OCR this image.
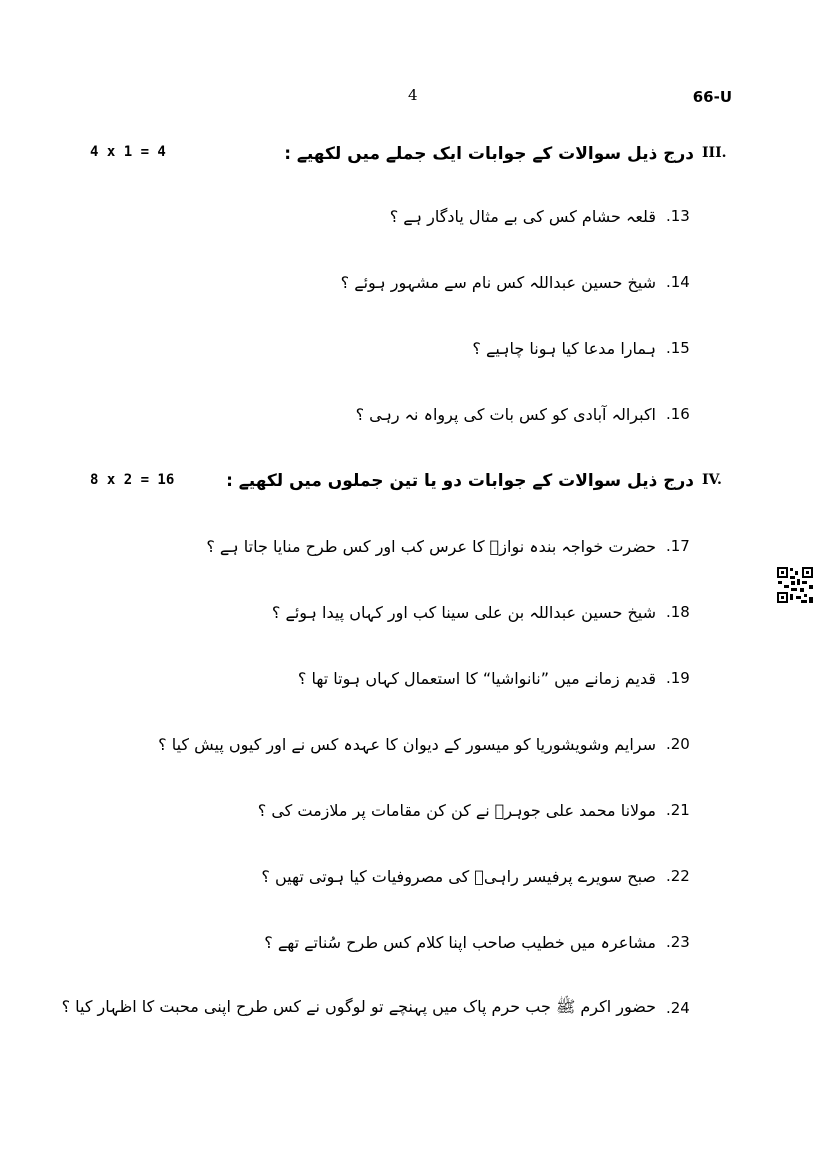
4	66-U
III.
درج ذیل سوالات کے جوابات ایک جملے میں لکھیے :
4 x 1 = 4
.13
قلعہ حشام کس کی بے مثال یادگار ہے ؟
.14
شیخ حسین عبداللہ کس نام سے مشہور ہوئے ؟
.15
ہمارا مدعا کیا ہونا چاہیے ؟
.16
اکبرالہ آبادی کو کس بات کی پرواہ نہ رہی ؟
IV.
درج ذیل سوالات کے جوابات دو یا تین جملوں میں لکھیے :
8 x 2 = 16
.17
حضرت خواجہ بندہ نوازؒ کا عرس کب اور کس طرح منایا جاتا ہے ؟
.18
شیخ حسین عبداللہ بن علی سینا کب اور کہاں پیدا ہوئے ؟
.19
قدیم زمانے میں ”نانواشیا“ کا استعمال کہاں ہوتا تھا ؟
.20
سرایم وشویشوریا کو میسور کے دیوان کا عہدہ کس نے اور کیوں پیش کیا ؟
.21
مولانا محمد علی جوہرؔ نے کن کن مقامات پر ملازمت کی ؟
.22
صبح سویرے پرفیسر راہیؔ کی مصروفیات کیا ہوتی تھیں ؟
.23
مشاعرہ میں خطیب صاحب اپنا کلام کس طرح سُناتے تھے ؟
.24
حضور اکرم ﷺ جب حرم پاک میں پہنچے تو لوگوں نے کس طرح اپنی محبت کا اظہار کیا ؟
